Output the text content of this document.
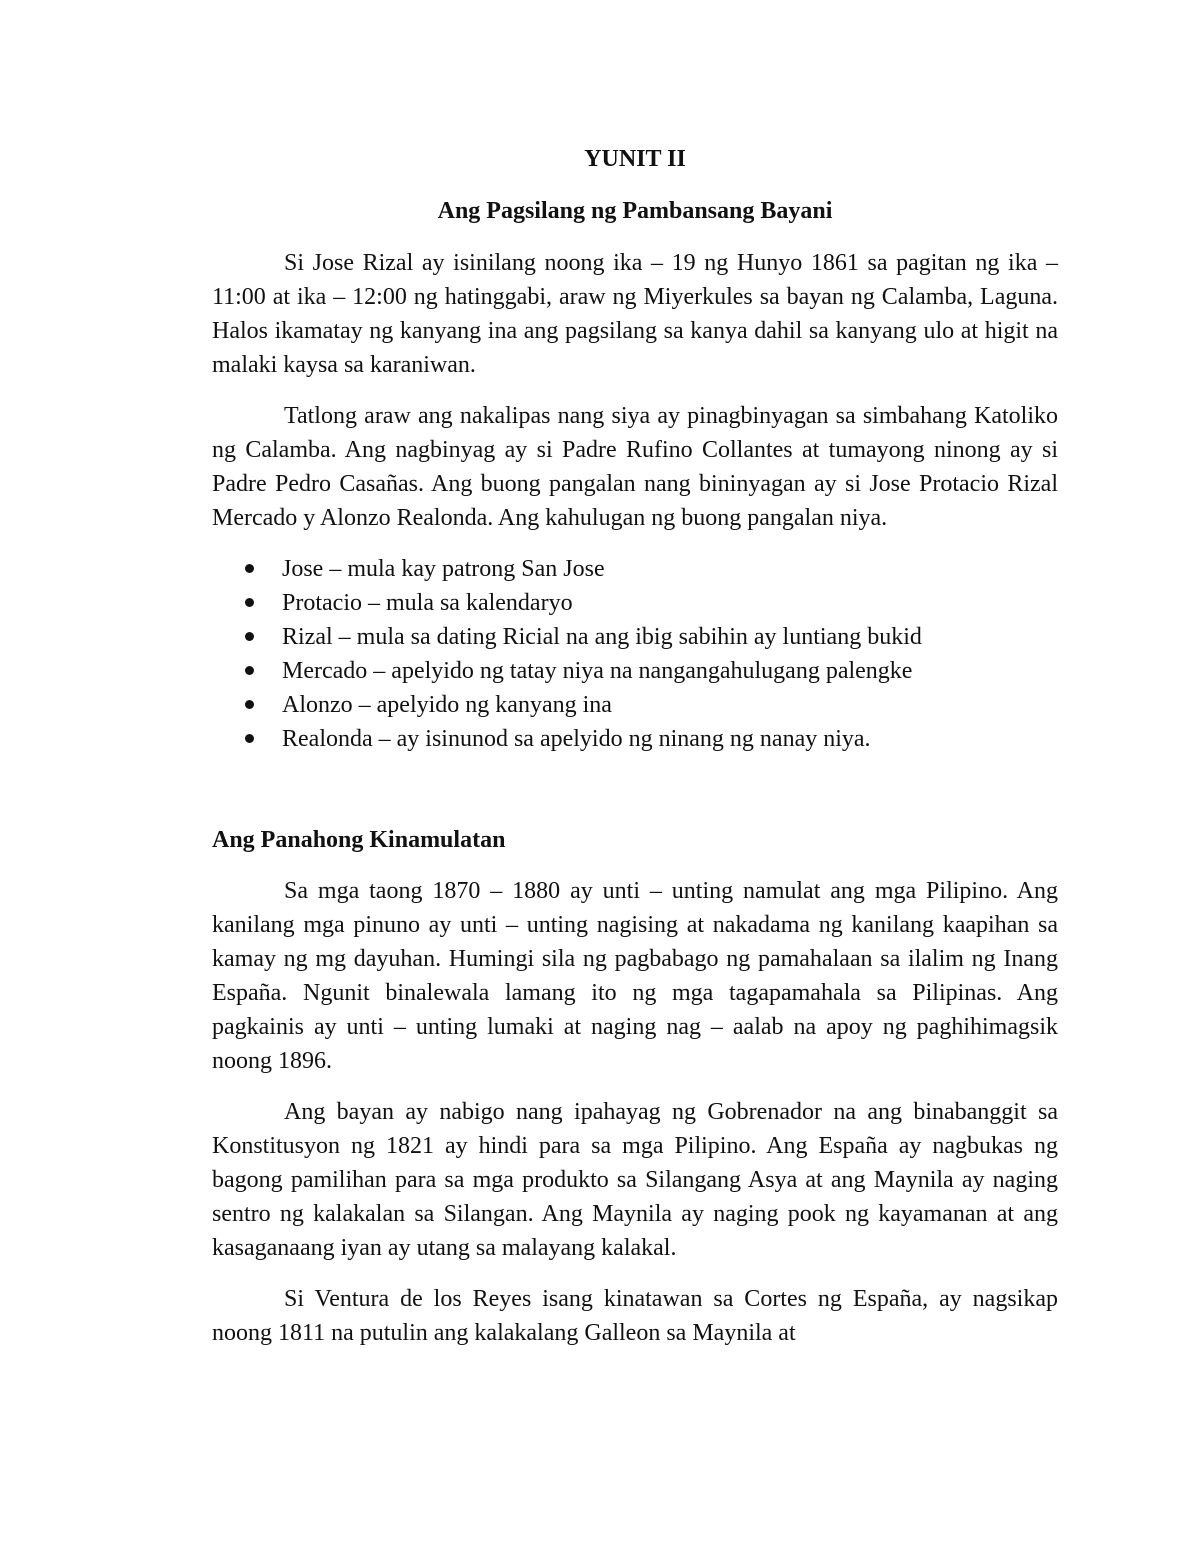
YUNIT II

Ang Pagsilang ng Pambansang Bayani

Si Jose Rizal ay isinilang noong ika – 19 ng Hunyo 1861 sa pagitan ng ika – 11:00 at ika – 12:00 ng hatinggabi, araw ng Miyerkules sa bayan ng Calamba, Laguna. Halos ikamatay ng kanyang ina ang pagsilang sa kanya dahil sa kanyang ulo at higit na malaki kaysa sa karaniwan.

Tatlong araw ang nakalipas nang siya ay pinagbinyagan sa simbahang Katoliko ng Calamba. Ang nagbinyag ay si Padre Rufino Collantes at tumayong ninong ay si Padre Pedro Casañas. Ang buong pangalan nang bininyagan ay si Jose Protacio Rizal Mercado y Alonzo Realonda. Ang kahulugan ng buong pangalan niya.

Jose – mula kay patrong San Jose
Protacio – mula sa kalendaryo
Rizal – mula sa dating Ricial na ang ibig sabihin ay luntiang bukid
Mercado – apelyido ng tatay niya na nangangahulugang palengke
Alonzo – apelyido ng kanyang ina
Realonda – ay isinunod sa apelyido ng ninang ng nanay niya.

Ang Panahong Kinamulatan

Sa mga taong 1870 – 1880 ay unti – unting namulat ang mga Pilipino. Ang kanilang mga pinuno ay unti – unting nagising at nakadama ng kanilang kaapihan sa kamay ng mg dayuhan. Humingi sila ng pagbabago ng pamahalaan sa ilalim ng Inang España. Ngunit binalewala lamang ito ng mga tagapamahala sa Pilipinas. Ang pagkainis ay unti – unting lumaki at naging nag – aalab na apoy ng paghihimagsik noong 1896.

Ang bayan ay nabigo nang ipahayag ng Gobrenador na ang binabanggit sa Konstitusyon ng 1821 ay hindi para sa mga Pilipino. Ang España ay nagbukas ng bagong pamilihan para sa mga produkto sa Silangang Asya at ang Maynila ay naging sentro ng kalakalan sa Silangan. Ang Maynila ay naging pook ng kayamanan at ang kasaganaang iyan ay utang sa malayang kalakal.

Si Ventura de los Reyes isang kinatawan sa Cortes ng España, ay nagsikap noong 1811 na putulin ang kalakalang Galleon sa Maynila at
